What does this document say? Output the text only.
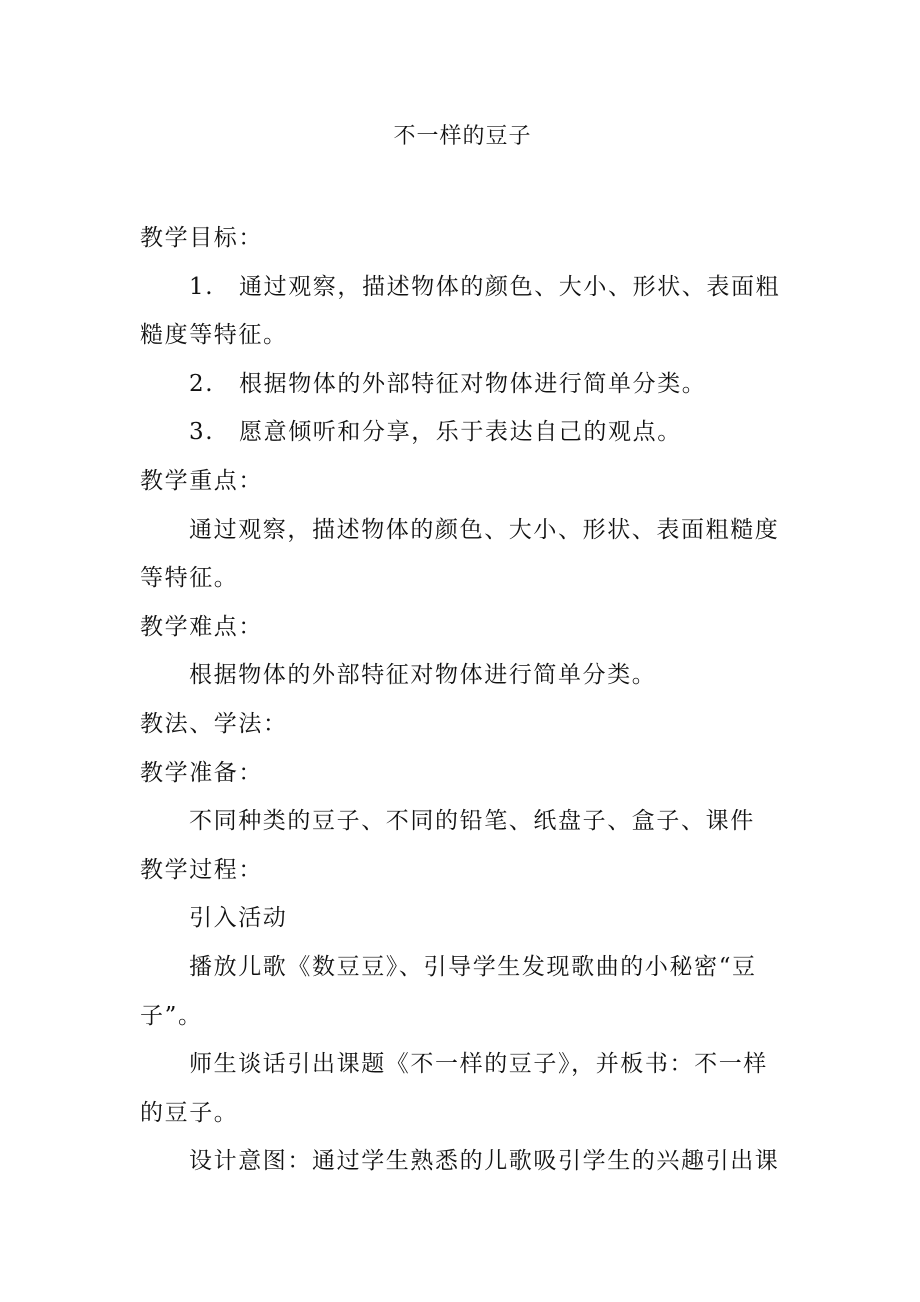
不一样的豆子

教学目标：

1. 通过观察，描述物体的颜色、大小、形状、表面粗

糙度等特征。

2. 根据物体的外部特征对物体进行简单分类。

3. 愿意倾听和分享，乐于表达自己的观点。

教学重点：

通过观察，描述物体的颜色、大小、形状、表面粗糙度

等特征。

教学难点：

根据物体的外部特征对物体进行简单分类。

教法、学法：

教学准备：

不同种类的豆子、不同的铅笔、纸盘子、盒子、课件

教学过程：

引入活动

播放儿歌《数豆豆》、引导学生发现歌曲的小秘密“豆

子”。

师生谈话引出课题《不一样的豆子》，并板书：不一样

的豆子。

设计意图：通过学生熟悉的儿歌吸引学生的兴趣引出课
